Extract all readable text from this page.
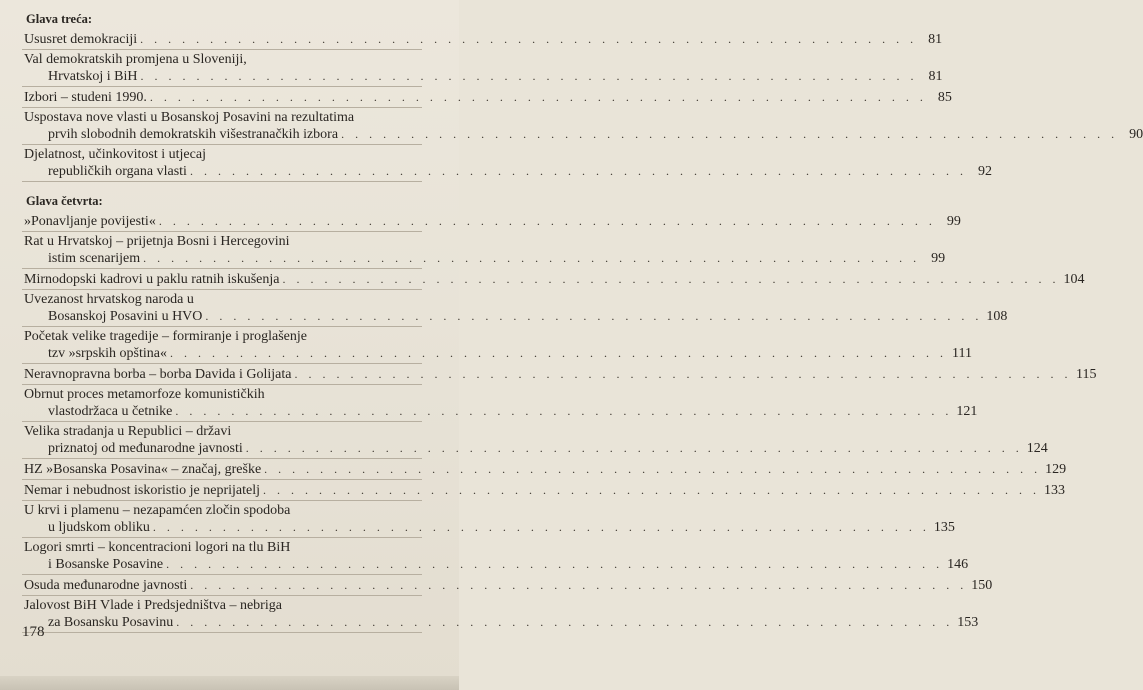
Glava treća:
Ususret demokraciji . . . . . . . . . . . . . . . . . . . . . . . . . . . . . . . . . . . . . . . . . . . . . . . . . . . . . . . . 81
Val demokratskih promjena u Sloveniji,
Hrvatskoj i BiH . . . . . . . . . . . . . . . . . . . . . . . . . . . . . . . . . . . . . . . . . . . . . . . . . . . . . . . . 81
Izbori – studeni 1990. . . . . . . . . . . . . . . . . . . . . . . . . . . . . . . . . . . . . . . . . . . . . . . . . . . . . . . . . 85
Uspostava nove vlasti u Bosanskoj Posavini na rezultatima
prvih slobodnih demokratskih višestranačkih izbora . . . . . . . . . . . . . . . . . . . . . . . . . . . . . . . . . . . . . . . . . . . . . . . . . . . . . . . . 90
Djelatnost, učinkovitost i utjecaj
republičkih organa vlasti . . . . . . . . . . . . . . . . . . . . . . . . . . . . . . . . . . . . . . . . . . . . . . . . . . . . . . . . 92
Glava četvrta:
»Ponavljanje povijesti« . . . . . . . . . . . . . . . . . . . . . . . . . . . . . . . . . . . . . . . . . . . . . . . . . . . . . . . . 99
Rat u Hrvatskoj – prijetnja Bosni i Hercegovini
istim scenarijem . . . . . . . . . . . . . . . . . . . . . . . . . . . . . . . . . . . . . . . . . . . . . . . . . . . . . . . . 99
Mirnodopski kadrovi u paklu ratnih iskušenja . . . . . . . . . . . . . . . . . . . . . . . . . . . . . . . . . . . . . . . . . . . . . . . . . . . . . . . . 104
Uvezanost hrvatskog naroda u
Bosanskoj Posavini u HVO . . . . . . . . . . . . . . . . . . . . . . . . . . . . . . . . . . . . . . . . . . . . . . . . . . . . . . . . 108
Početak velike tragedije – formiranje i proglašenje
tzv »srpskih opština« . . . . . . . . . . . . . . . . . . . . . . . . . . . . . . . . . . . . . . . . . . . . . . . . . . . . . . . . 111
Neravnopravna borba – borba Davida i Golijata . . . . . . . . . . . . . . . . . . . . . . . . . . . . . . . . . . . . . . . . . . . . . . . . . . . . . . . . 115
Obrnut proces metamorfoze komunističkih
vlastodržaca u četnike . . . . . . . . . . . . . . . . . . . . . . . . . . . . . . . . . . . . . . . . . . . . . . . . . . . . . . . . 121
Velika stradanja u Republici – državi
priznatoj od međunarodne javnosti . . . . . . . . . . . . . . . . . . . . . . . . . . . . . . . . . . . . . . . . . . . . . . . . . . . . . . . . 124
HZ »Bosanska Posavina« – značaj, greške . . . . . . . . . . . . . . . . . . . . . . . . . . . . . . . . . . . . . . . . . . . . . . . . . . . . . . . . 129
Nemar i nebudnost iskoristio je neprijatelj . . . . . . . . . . . . . . . . . . . . . . . . . . . . . . . . . . . . . . . . . . . . . . . . . . . . . . . . 133
U krvi i plamenu – nezapamćen zločin spodoba
u ljudskom obliku . . . . . . . . . . . . . . . . . . . . . . . . . . . . . . . . . . . . . . . . . . . . . . . . . . . . . . . . 135
Logori smrti – koncentracioni logori na tlu BiH
i Bosanske Posavine . . . . . . . . . . . . . . . . . . . . . . . . . . . . . . . . . . . . . . . . . . . . . . . . . . . . . . . . 146
Osuda međunarodne javnosti . . . . . . . . . . . . . . . . . . . . . . . . . . . . . . . . . . . . . . . . . . . . . . . . . . . . . . . . 150
Jalovost BiH Vlade i Predsjedništva – nebriga
za Bosansku Posavinu . . . . . . . . . . . . . . . . . . . . . . . . . . . . . . . . . . . . . . . . . . . . . . . . . . . . . . . . 153
178
